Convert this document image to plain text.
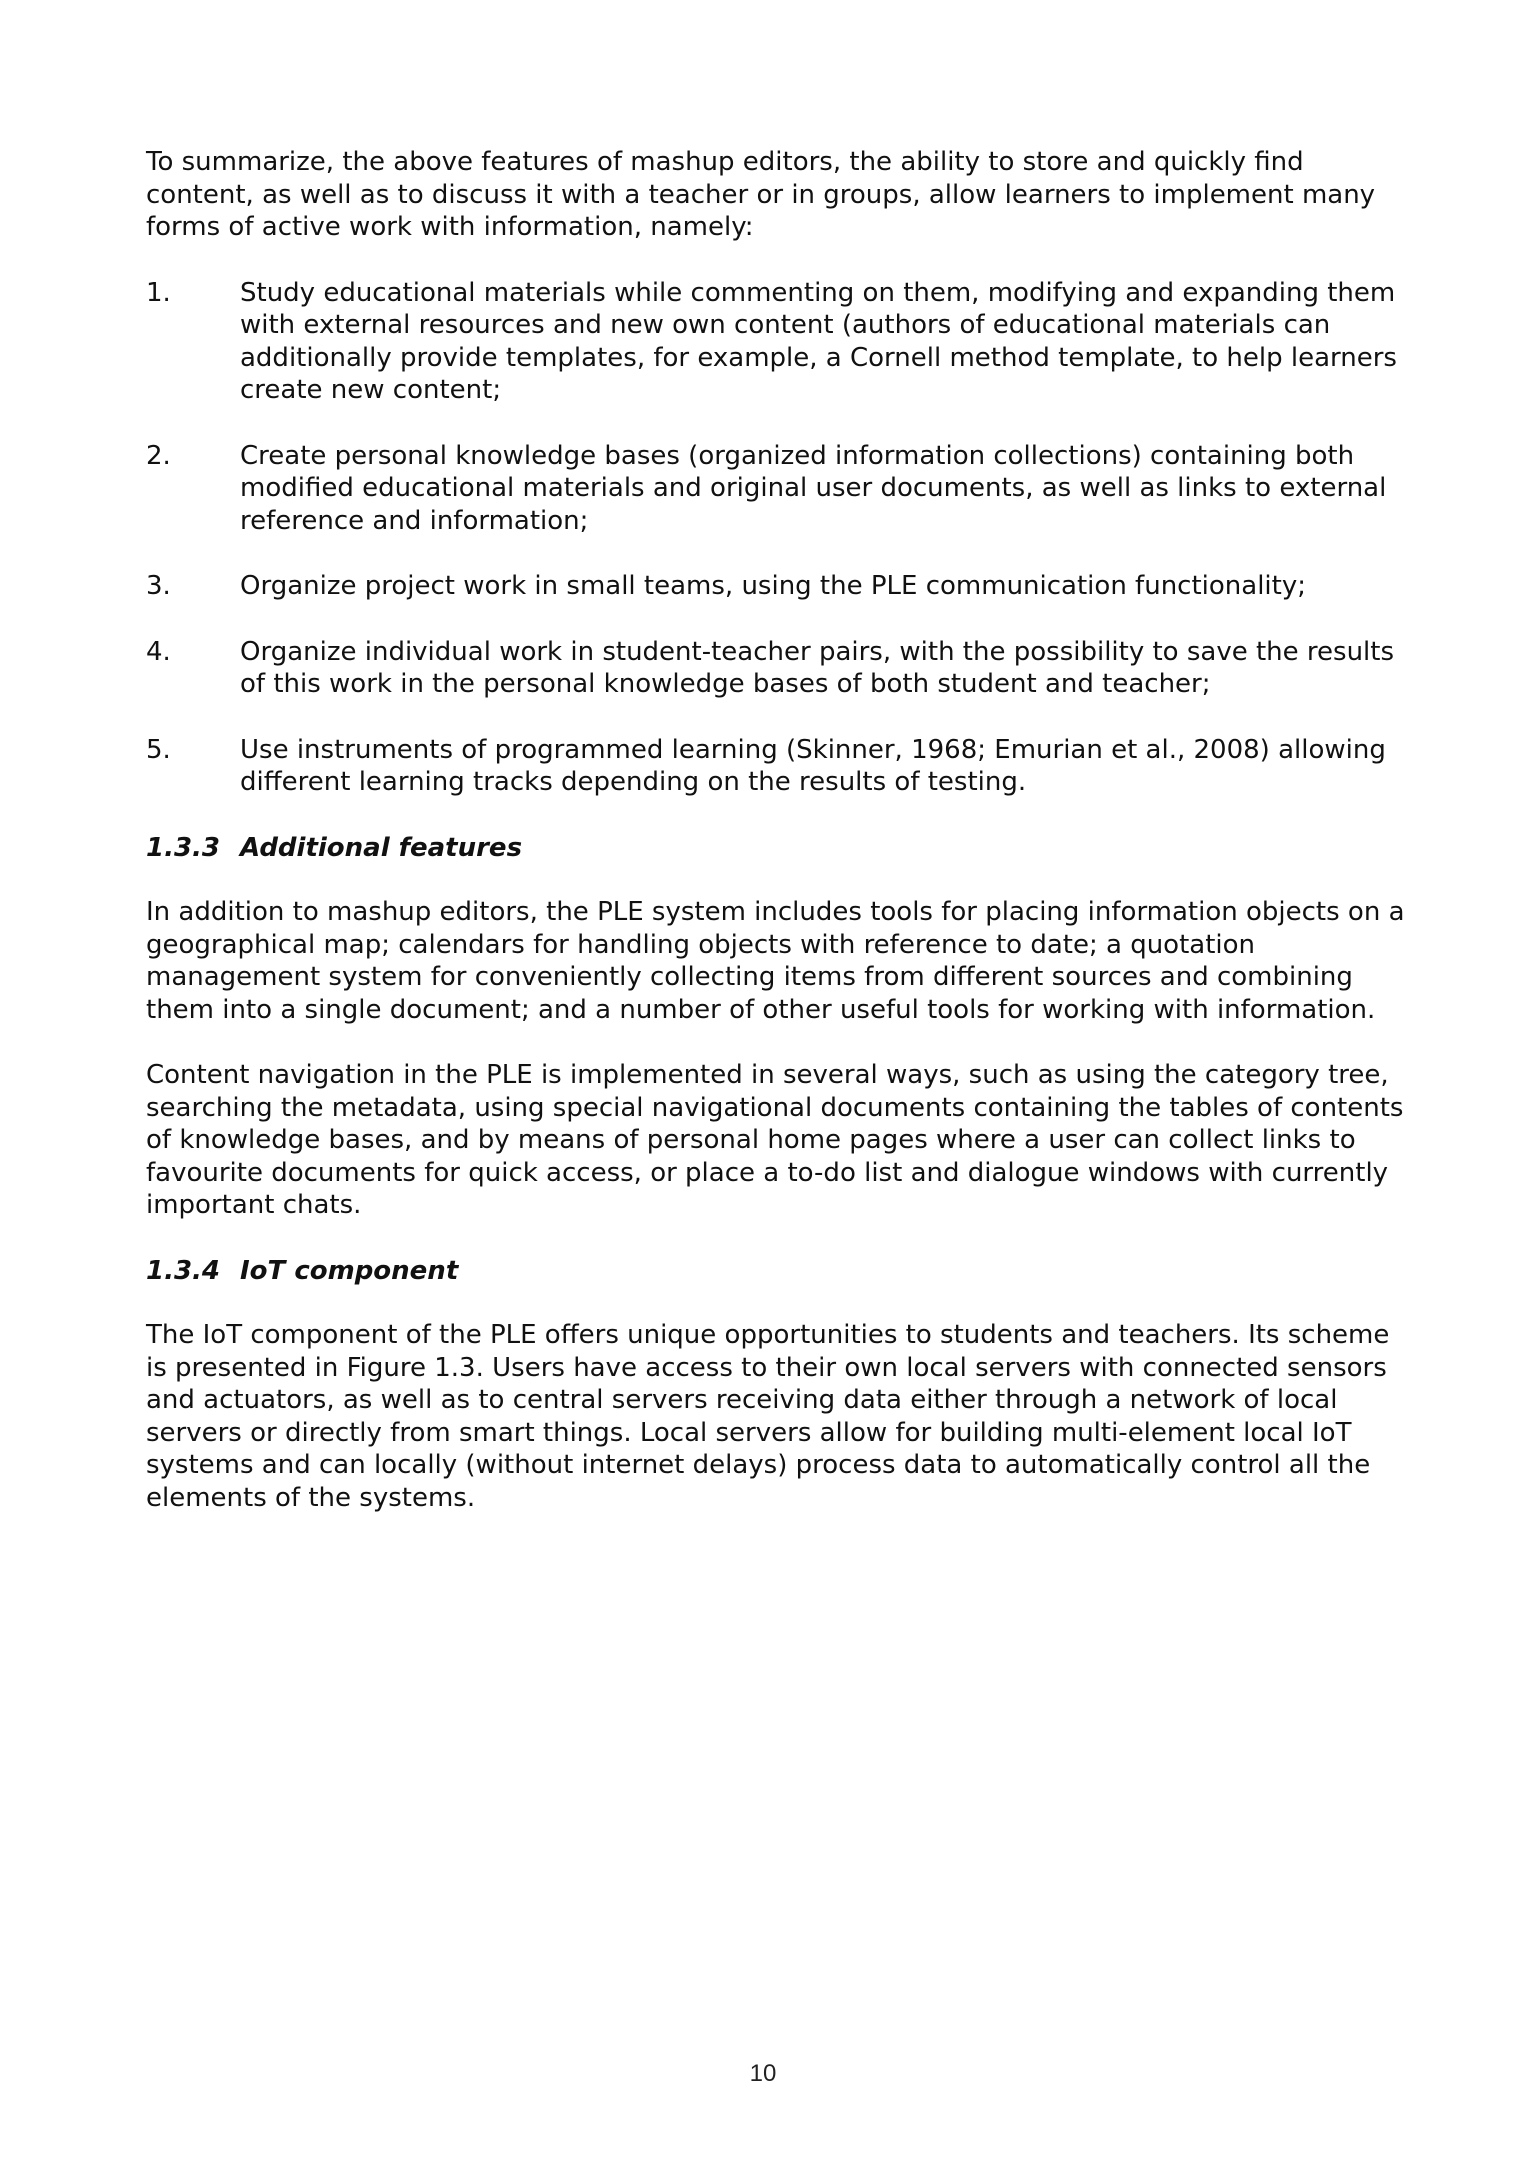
To summarize, the above features of mashup editors, the ability to store and quickly find content, as well as to discuss it with a teacher or in groups, allow learners to implement many forms of active work with information, namely:

1.	Study educational materials while commenting on them, modifying and expanding them with external resources and new own content (authors of educational materials can additionally provide templates, for example, a Cornell method template, to help learners create new content;
2.	Create personal knowledge bases (organized information collections) containing both modified educational materials and original user documents, as well as links to external reference and information;
3.	Organize project work in small teams, using the PLE communication functionality;
4.	Organize individual work in student-teacher pairs, with the possibility to save the results of this work in the personal knowledge bases of both student and teacher;
5.	Use instruments of programmed learning (Skinner, 1968; Emurian et al., 2008) allowing different learning tracks depending on the results of testing.
1.3.3 Additional features

In addition to mashup editors, the PLE system includes tools for placing information objects on a geographical map; calendars for handling objects with reference to date; a quotation management system for conveniently collecting items from different sources and combining them into a single document; and a number of other useful tools for working with information.

Content navigation in the PLE is implemented in several ways, such as using the category tree, searching the metadata, using special navigational documents containing the tables of contents of knowledge bases, and by means of personal home pages where a user can collect links to favourite documents for quick access, or place a to-do list and dialogue windows with currently important chats.

1.3.4 IoT component

The IoT component of the PLE offers unique opportunities to students and teachers. Its scheme is presented in Figure 1.3. Users have access to their own local servers with connected sensors and actuators, as well as to central servers receiving data either through a network of local servers or directly from smart things. Local servers allow for building multi-element local IoT systems and can locally (without internet delays) process data to automatically control all the elements of the systems.

10
